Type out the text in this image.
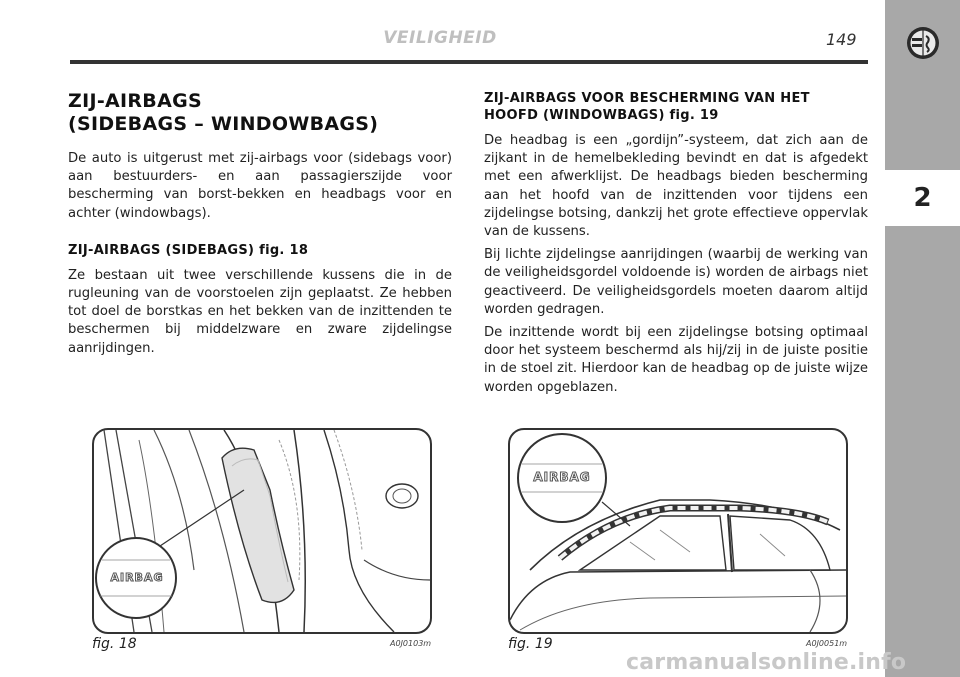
VEILIGHEID	149
2
ZIJ-AIRBAGS
(SIDEBAGS – WINDOWBAGS)

De auto is uitgerust met zij-airbags voor (sidebags voor) aan bestuurders- en aan passagierszijde voor bescherming van borst-bekken en headbags voor en achter (windowbags).

ZIJ-AIRBAGS (SIDEBAGS) fig. 18

Ze bestaan uit twee verschillende kussens die in de rugleuning van de voorstoelen zijn geplaatst. Ze hebben tot doel de borstkas en het bekken van de inzittenden te beschermen bij middelzware en zware zijdelingse aanrijdingen.

ZIJ-AIRBAGS VOOR BESCHERMING VAN HET
HOOFD (WINDOWBAGS) fig. 19

De headbag is een „gordijn”-systeem, dat zich aan de zijkant in de hemelbekleding bevindt en dat is afgedekt met een afwerklijst. De headbags bieden bescherming aan het hoofd van de inzittenden voor tijdens een zijdelingse botsing, dankzij het grote effectieve oppervlak van de kussens.

Bij lichte zijdelingse aanrijdingen (waarbij de werking van de veiligheidsgordel voldoende is) worden de airbags niet geactiveerd. De veiligheidsgordels moeten daarom altijd worden gedragen.

De inzittende wordt bij een zijdelingse botsing optimaal door het systeem beschermd als hij/zij in de juiste positie in de stoel zit. Hierdoor kan de headbag op de juiste wijze worden opgeblazen.

AIRBAG
fig. 18	A0J0103m
AIRBAG
fig. 19	A0J0051m
carmanualsonline.info
